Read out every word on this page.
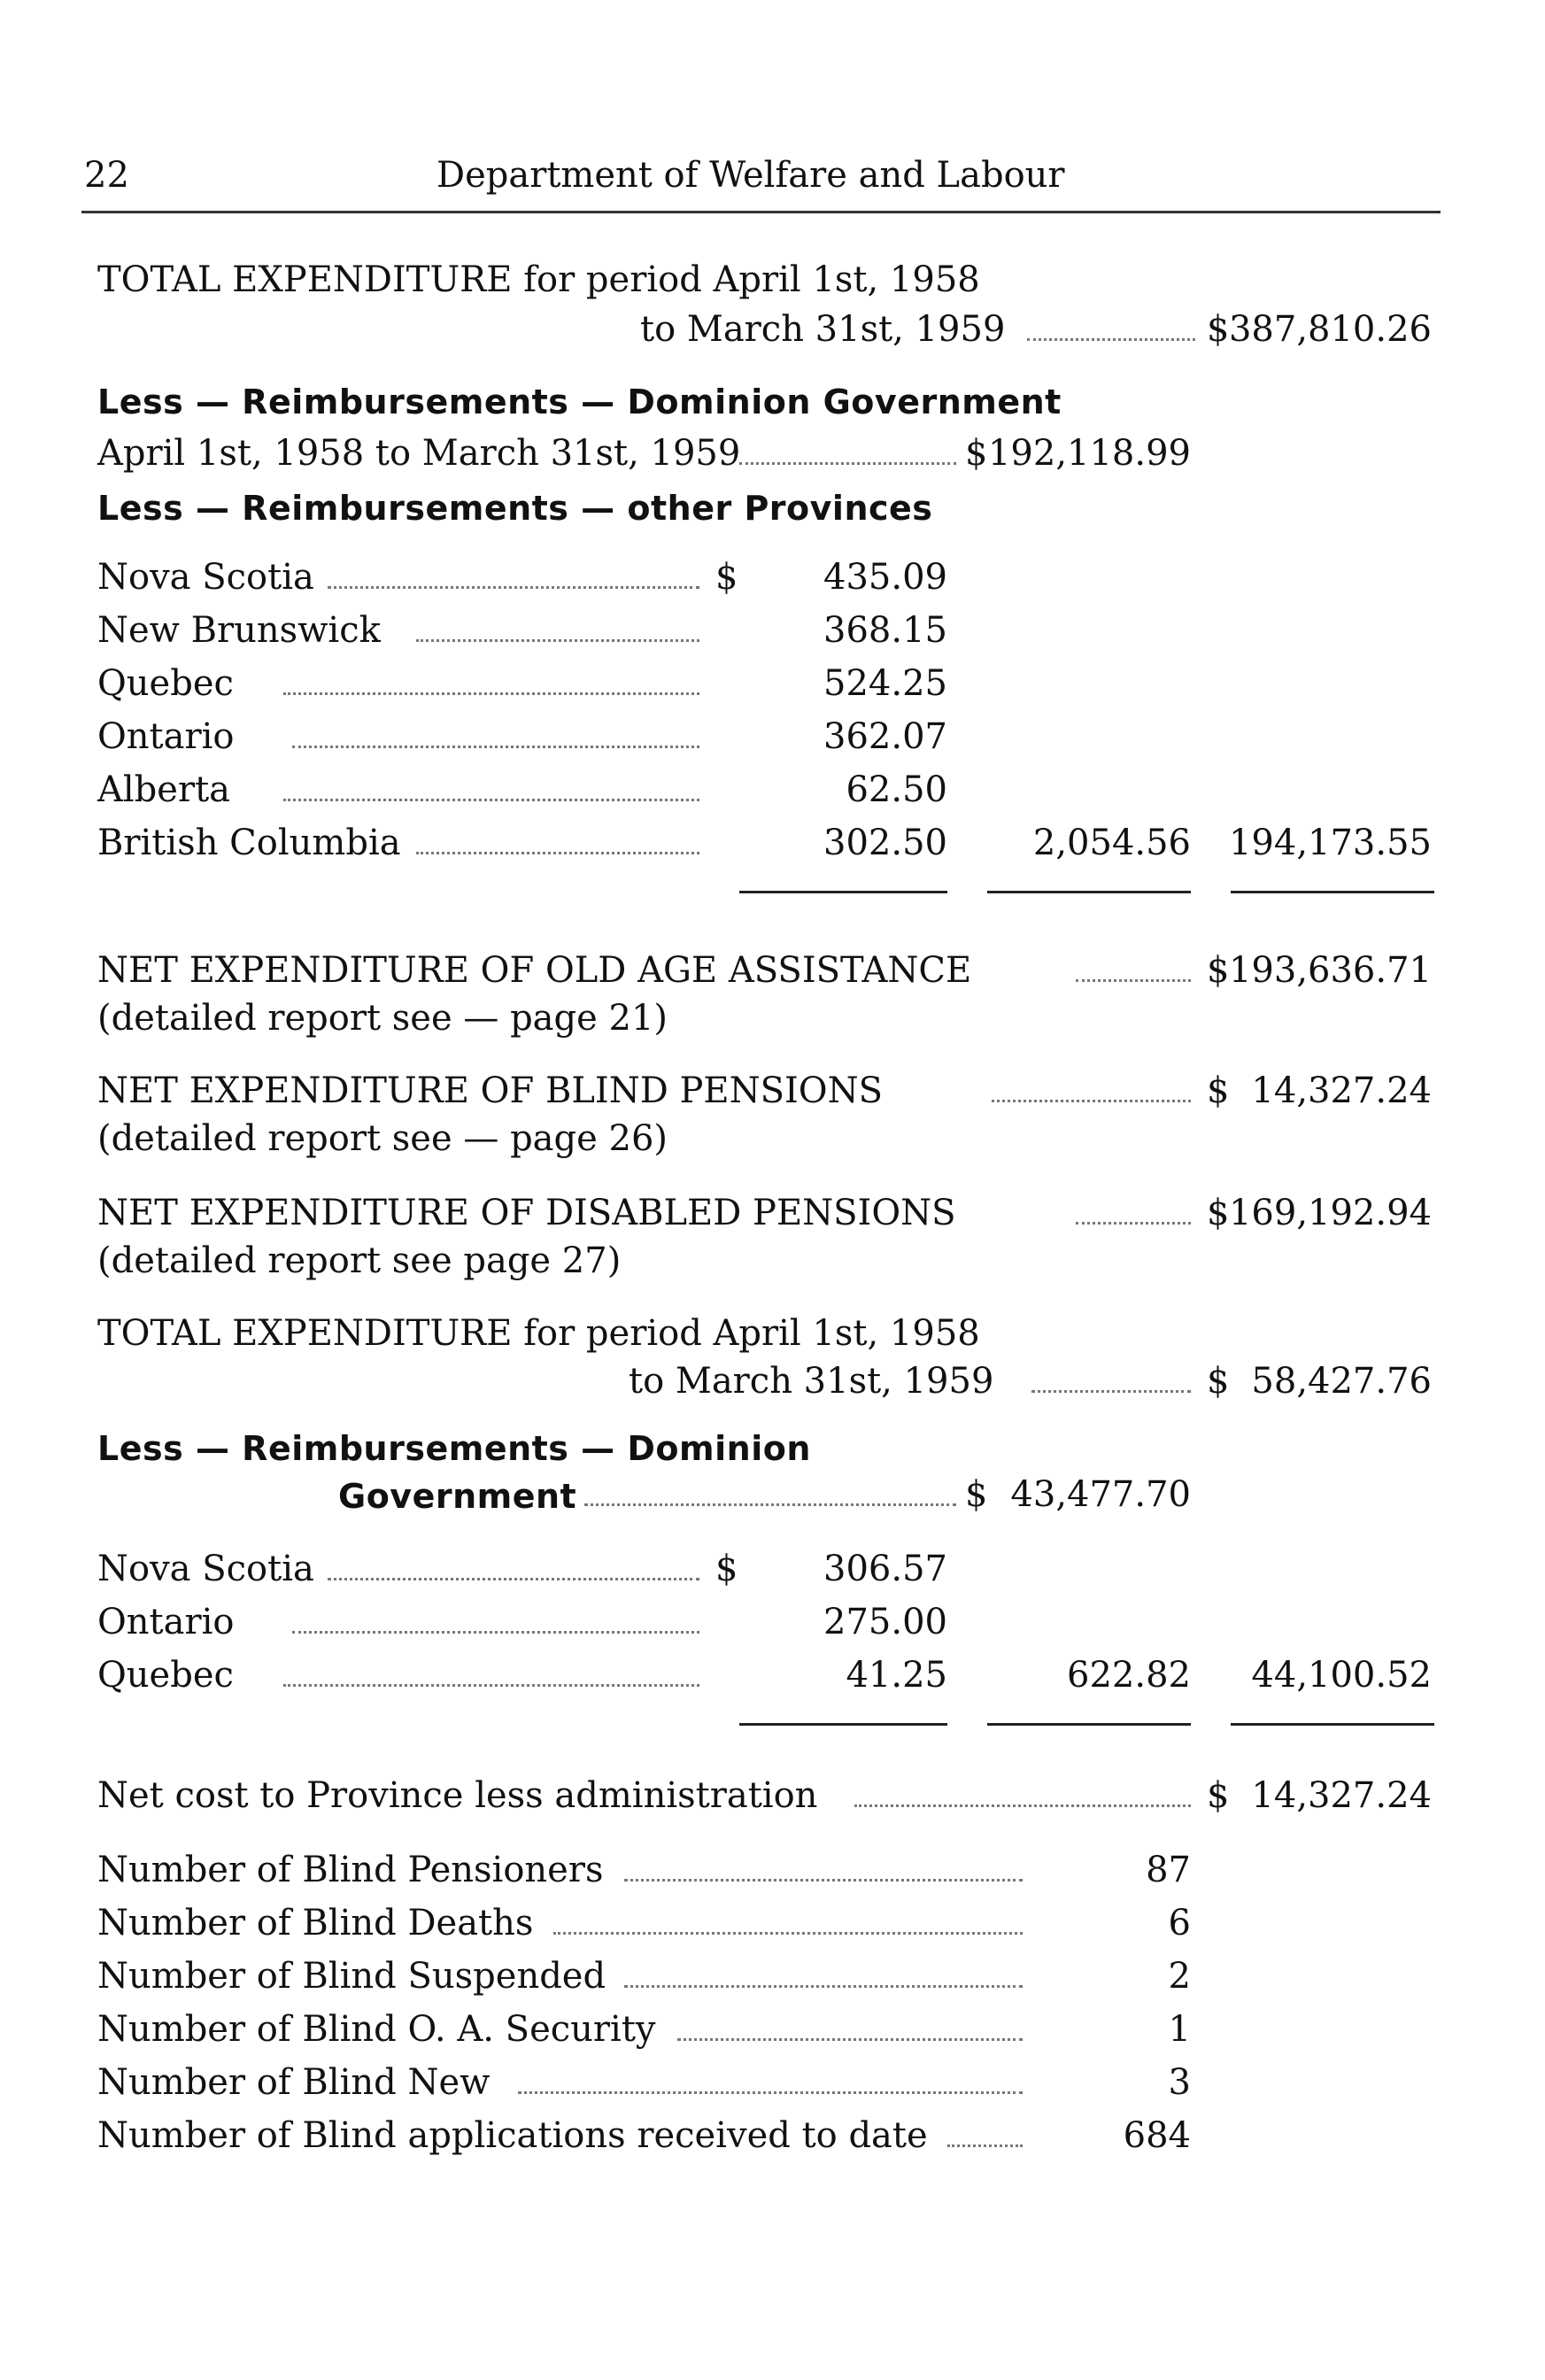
22	Department of Welfare and Labour
TOTAL EXPENDITURE for period April 1st, 1958
to March 31st, 1959	$ 387,810.26
Less — Reimbursements — Dominion Government
April 1st, 1958 to March 31st, 1959	$ 192,118.99
Less — Reimbursements — other Provinces
Nova Scotia	$ 435.09
New Brunswick	368.15
Quebec	524.25
Ontario	362.07
Alberta	62.50
British Columbia	302.50 2,054.56 194,173.55
NET EXPENDITURE OF OLD AGE ASSISTANCE	$ 193,636.71
(detailed report see — page 21)
NET EXPENDITURE OF BLIND PENSIONS	$ 14,327.24
(detailed report see — page 26)
NET EXPENDITURE OF DISABLED PENSIONS	$ 169,192.94
(detailed report see page 27)
TOTAL EXPENDITURE for period April 1st, 1958
to March 31st, 1959	$ 58,427.76
Less — Reimbursements — Dominion
Government	$ 43,477.70
Nova Scotia	$ 306.57
Ontario	275.00
Quebec	41.25	622.82 44,100.52
Net cost to Province less administration	$ 14,327.24
Number of Blind Pensioners	87
Number of Blind Deaths	6
Number of Blind Suspended	2
Number of Blind O. A. Security	1
Number of Blind New	3
Number of Blind applications received to date	684
